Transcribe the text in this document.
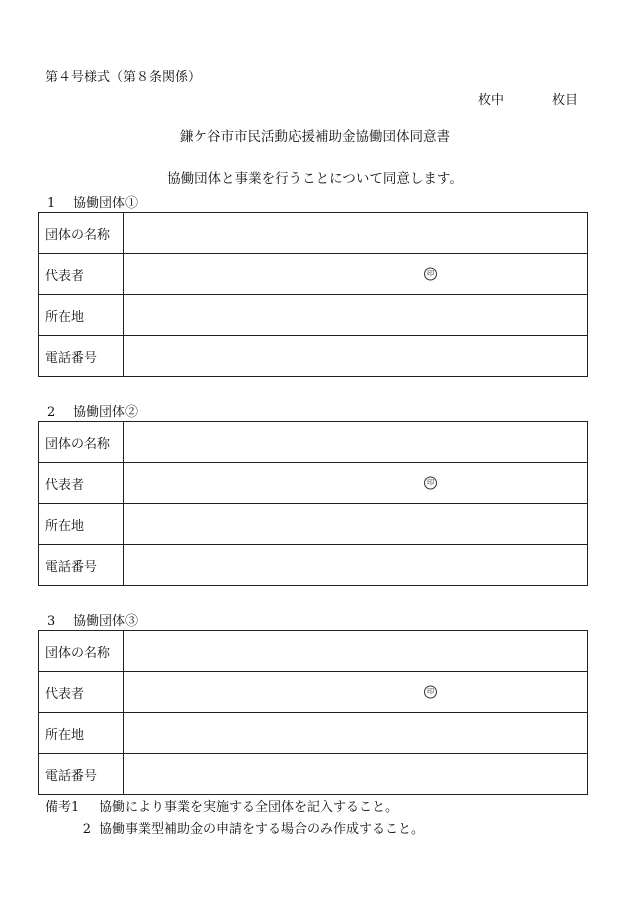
第４号様式（第８条関係）
枚中	枚目
鎌ケ谷市市民活動応援補助金協働団体同意書
協働団体と事業を行うことについて同意します。
1 協働団体①
団体の名称	
代表者	印

所在地	
電話番号	
2 協働団体②
団体の名称	
代表者	印

所在地	
電話番号	
3 協働団体③
団体の名称	
代表者	印

所在地	
電話番号	
備考1 協働により事業を実施する全団体を記入すること。
2 協働事業型補助金の申請をする場合のみ作成すること。
